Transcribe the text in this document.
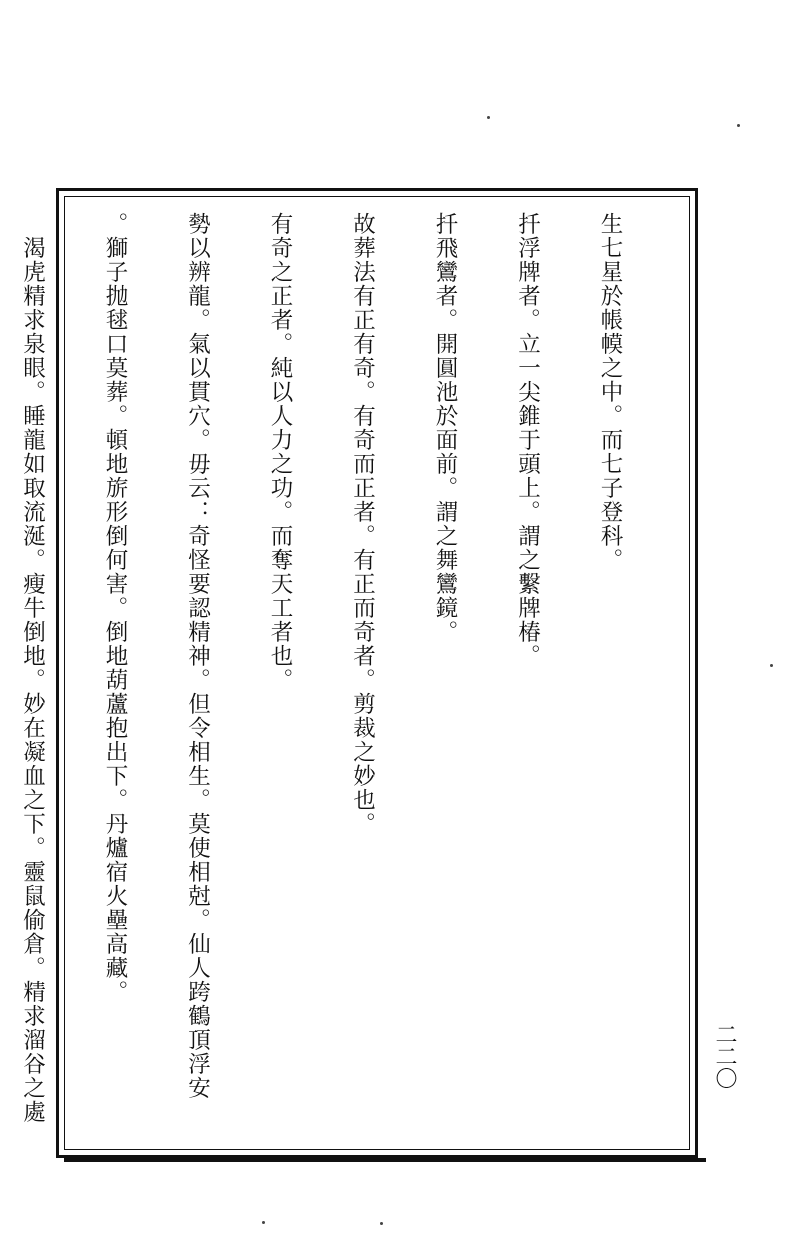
生七星於帳幙之中。而七子登科。

扦浮牌者。立一尖錐于頭上。謂之繫牌椿。

扦飛鸞者。開圓池於面前。謂之舞鸞鏡。

故葬法有正有奇。有奇而正者。有正而奇者。剪裁之妙也。

有奇之正者。純以人力之功。而奪天工者也。

勢以辨龍。氣以貫穴。毋云：奇怪要認精神。但令相生。莫使相尅。仙人跨鶴頂浮安

。獅子抛毬口莫葬。頓地旂形倒何害。倒地葫蘆抱出下。丹爐宿火壘高藏。

　渴虎精求泉眼。睡龍如取流涎。瘦牛倒地。妙在凝血之下。靈鼠偷倉。精求溜谷之處

	二二〇
